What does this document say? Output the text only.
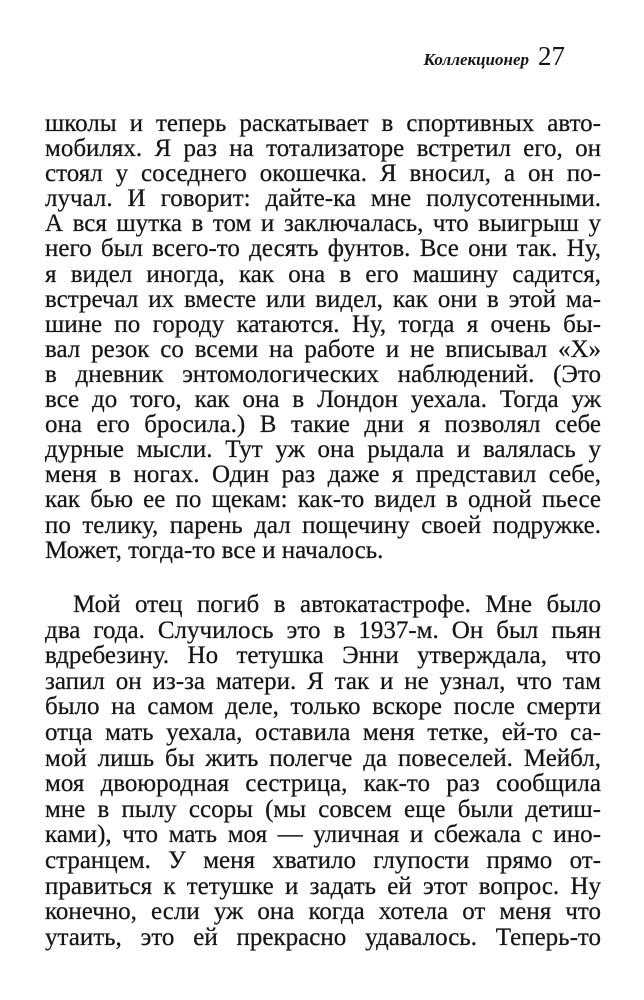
Коллекционер 27
школы и теперь раскатывает в спортивных авто-
мобилях. Я раз на тотализаторе встретил его, он
стоял у соседнего окошечка. Я вносил, а он по-
лучал. И говорит: дайте-ка мне полусотенными.
А вся шутка в том и заключалась, что выигрыш у
него был всего-то десять фунтов. Все они так. Ну,
я видел иногда, как она в его машину садится,
встречал их вместе или видел, как они в этой ма-
шине по городу катаются. Ну, тогда я очень бы-
вал резок со всеми на работе и не вписывал «X»
в дневник энтомологических наблюдений. (Это
все до того, как она в Лондон уехала. Тогда уж
она его бросила.) В такие дни я позволял себе
дурные мысли. Тут уж она рыдала и валялась у
меня в ногах. Один раз даже я представил себе,
как бью ее по щекам: как-то видел в одной пьесе
по телику, парень дал пощечину своей подружке.
Может, тогда-то все и началось.
Мой отец погиб в автокатастрофе. Мне было
два года. Случилось это в 1937-м. Он был пьян
вдребезину. Но тетушка Энни утверждала, что
запил он из-за матери. Я так и не узнал, что там
было на самом деле, только вскоре после смерти
отца мать уехала, оставила меня тетке, ей-то са-
мой лишь бы жить полегче да повеселей. Мейбл,
моя двоюродная сестрица, как-то раз сообщила
мне в пылу ссоры (мы совсем еще были детиш-
ками), что мать моя — уличная и сбежала с ино-
странцем. У меня хватило глупости прямо от-
правиться к тетушке и задать ей этот вопрос. Ну
конечно, если уж она когда хотела от меня что
утаить, это ей прекрасно удавалось. Теперь-то
